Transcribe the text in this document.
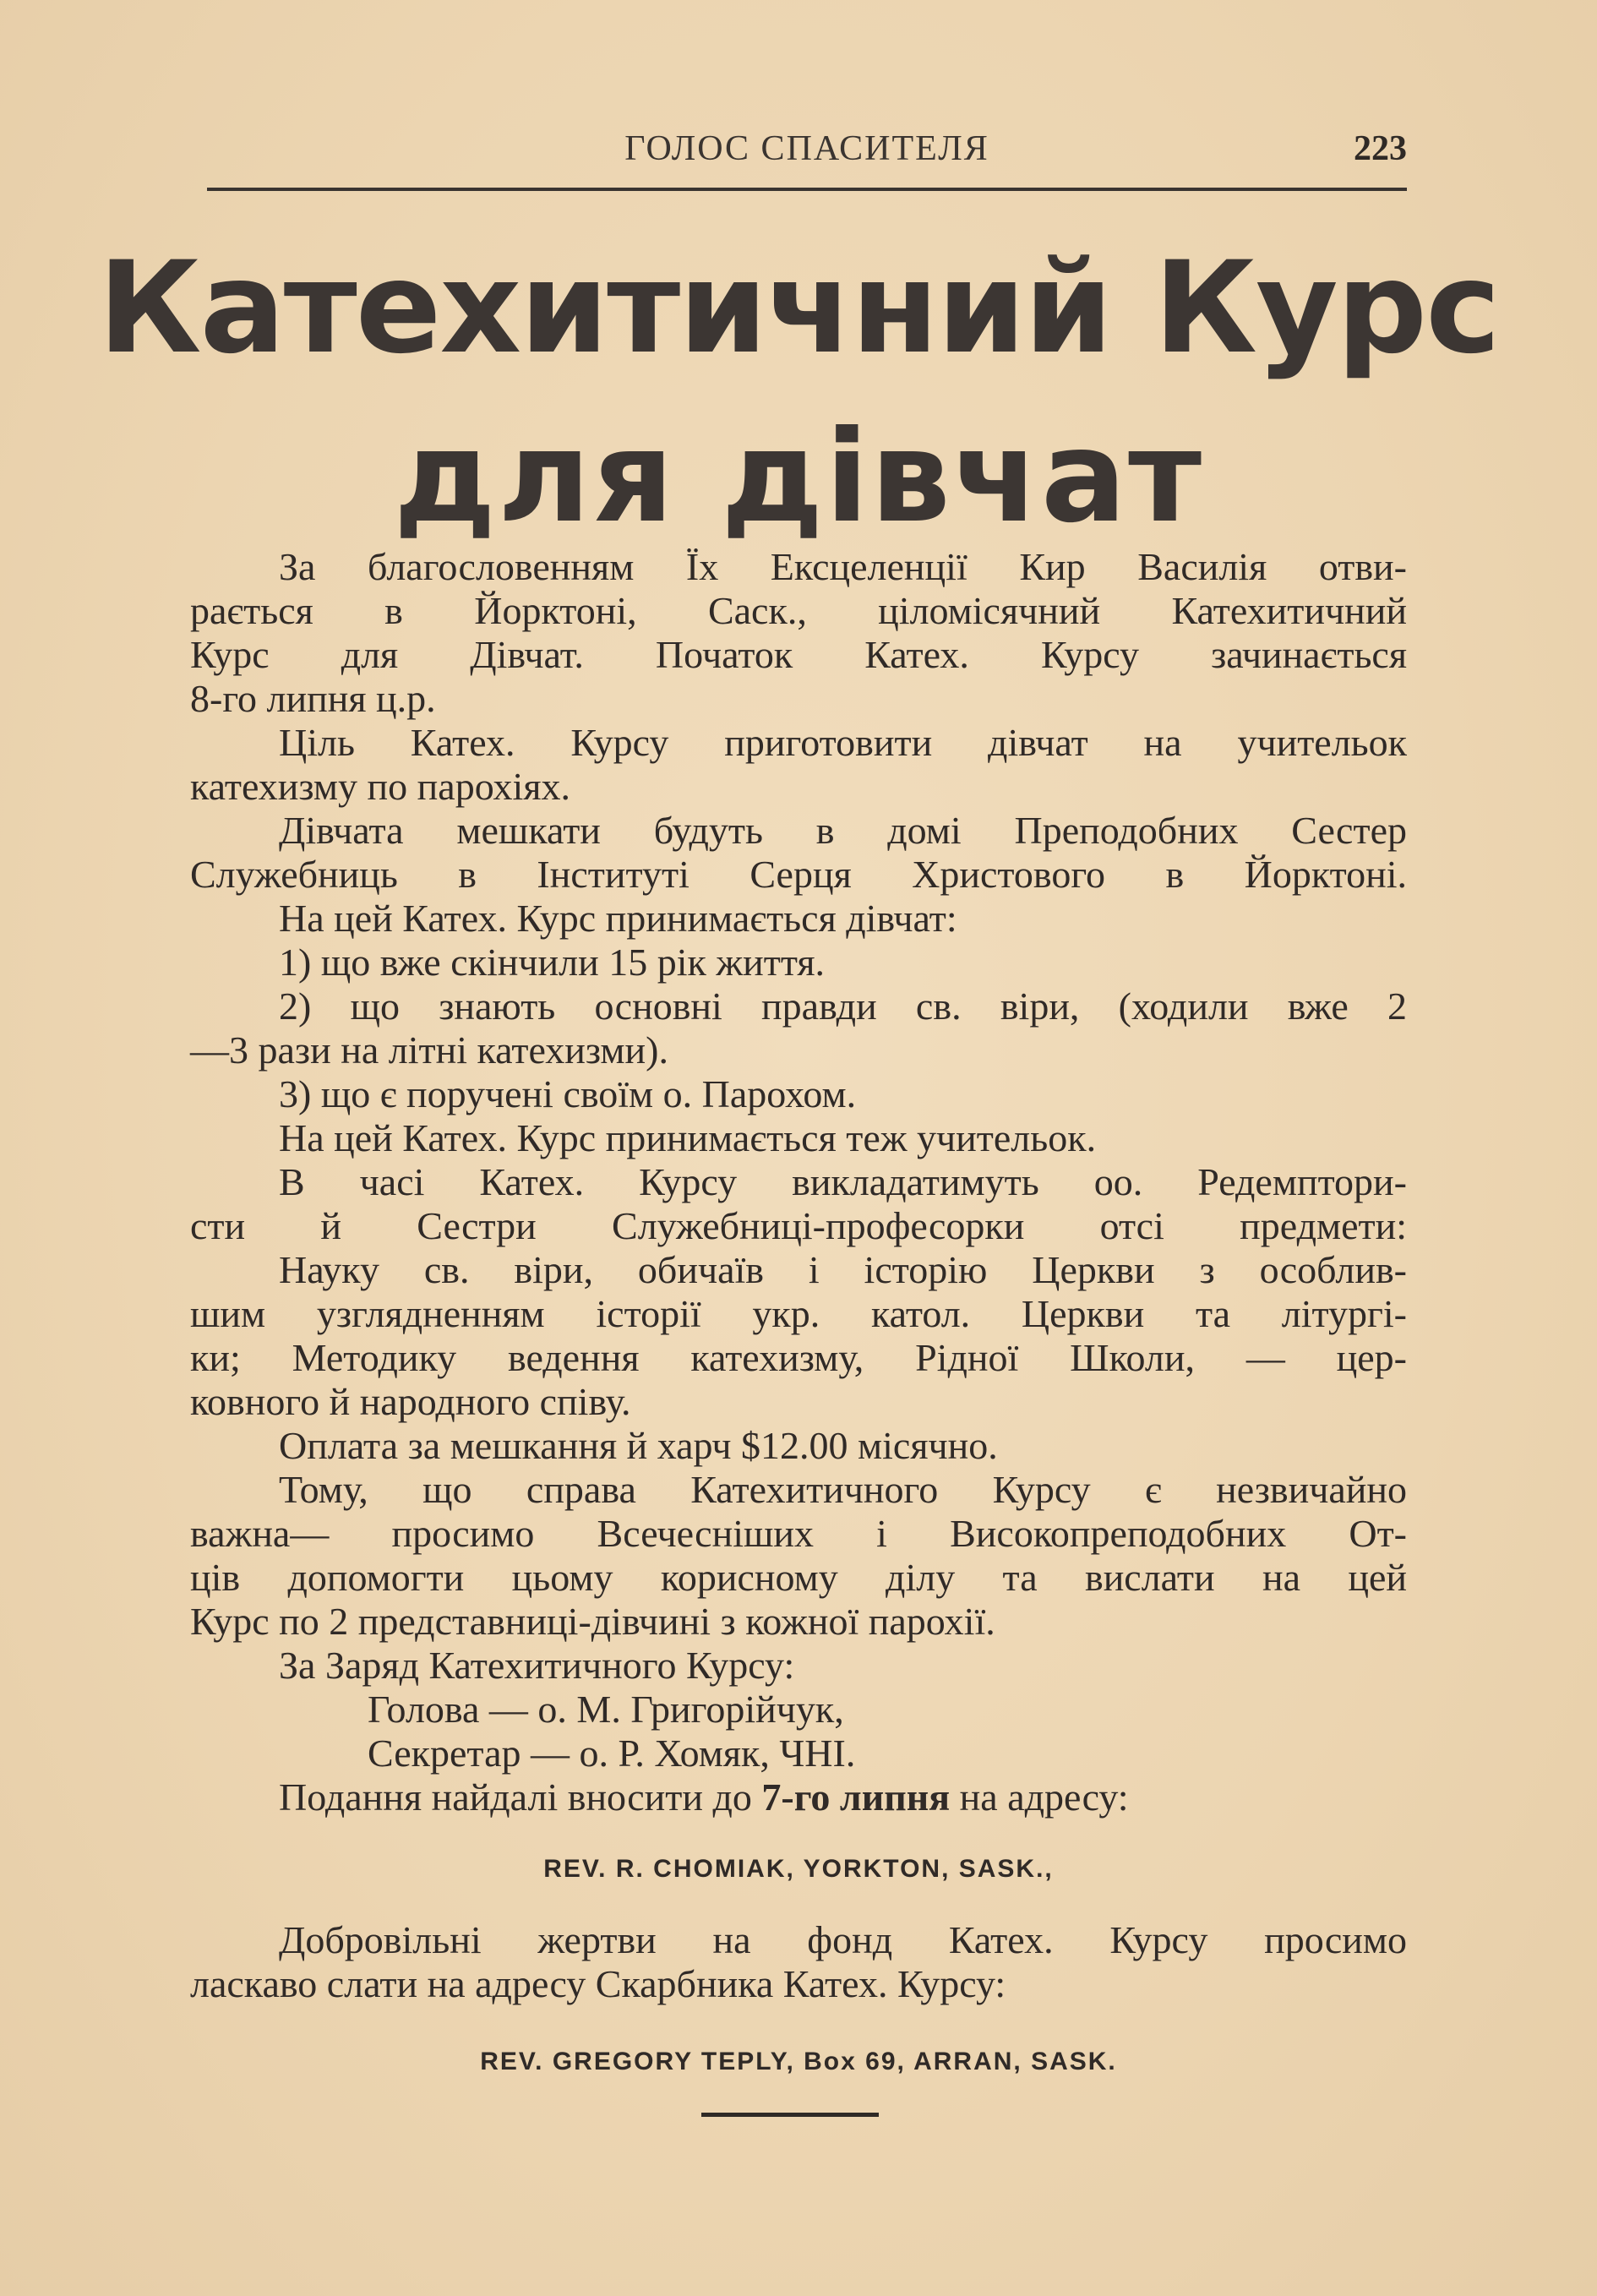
ГОЛОС СПАСИТЕЛЯ	223
Катехитичний Курс
для дівчат
За благословенням Їх Ексцеленції Кир Василія отви-
рається в Йорктоні, Саск., цiломісячний Катехитичний
Курс для Дівчат. Початок Катех. Курсу зачинається
8-го липня ц.р.
Ціль Катех. Курсу приготовити дівчат на учительок
катехизму по парохіях.
Дівчата мешкати будуть в домі Преподобних Сестер
Служебниць в Інституті Серця Христового в Йорктоні.
На цей Катех. Курс принимається дівчат:
1) що вже скінчили 15 рік життя.
2) що знають основні правди св. віри, (ходили вже 2
—3 рази на літні катехизми).
3) що є поручені своїм о. Парохом.
На цей Катех. Курс принимається теж учительок.
В часі Катех. Курсу викладатимуть оо. Редемптори-
сти й Сестри Служебниці-професорки отсі предмети:
Науку св. віри, обичаїв і історію Церкви з особлив-
шим узглядненням історії укр. катол. Церкви та літургі-
ки; Методику ведення катехизму, Рідної Школи, — цер-
ковного й народного співу.
Оплата за мешкання й харч $12.00 місячно.
Тому, що справа Катехитичного Курсу є незвичайно
важна— просимо Всечесніших і Високопреподобних От-
ців допомогти цьому корисному ділу та вислати на цей
Курс по 2 представниці-дівчині з кожної парохії.
За Заряд Катехитичного Курсу:
Голова — о. М. Григорійчук,
Секретар — о. Р. Хомяк, ЧНІ.
Подання найдалі вносити до 7-го липня на адресу:
REV. R. CHOMIAK, YORKTON, SASK.,
Добровільні жертви на фонд Катех. Курсу просимо
ласкаво слати на адресу Скарбника Катех. Курсу:
REV. GREGORY TEPLY, Box 69, ARRAN, SASK.
